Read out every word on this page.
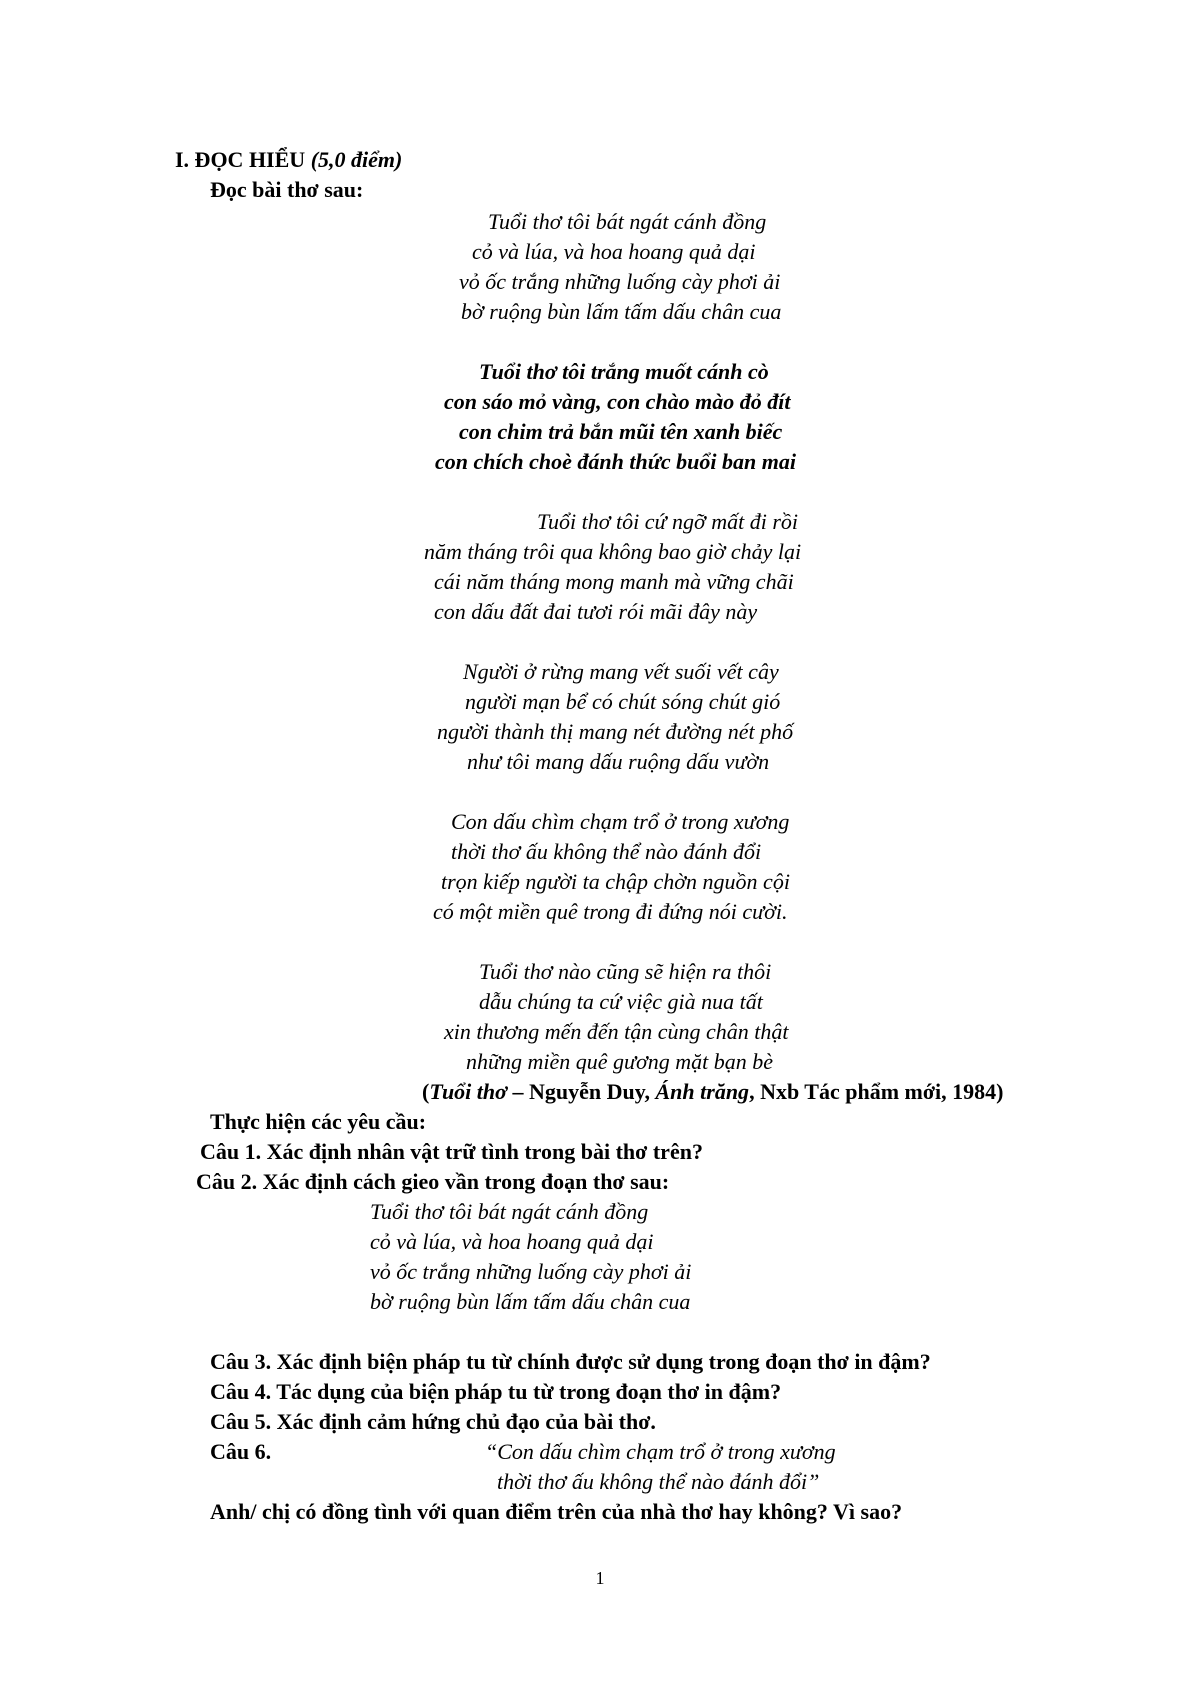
I. ĐỌC HIỂU (5,0 điểm)
Đọc bài thơ sau:
Tuổi thơ tôi bát ngát cánh đồng
cỏ và lúa, và hoa hoang quả dại
vỏ ốc trắng những luống cày phơi ải
bờ ruộng bùn lấm tấm dấu chân cua
Tuổi thơ tôi trắng muốt cánh cò
con sáo mỏ vàng, con chào mào đỏ đít
con chim trả bắn mũi tên xanh biếc
con chích choè đánh thức buổi ban mai
Tuổi thơ tôi cứ ngỡ mất đi rồi
năm tháng trôi qua không bao giờ chảy lại
cái năm tháng mong manh mà vững chãi
con dấu đất đai tươi rói mãi đây này
Người ở rừng mang vết suối vết cây
người mạn bể có chút sóng chút gió
người thành thị mang nét đường nét phố
như tôi mang dấu ruộng dấu vườn
Con dấu chìm chạm trổ ở trong xương
thời thơ ấu không thể nào đánh đổi
trọn kiếp người ta chập chờn nguồn cội
có một miền quê trong đi đứng nói cười.
Tuổi thơ nào cũng sẽ hiện ra thôi
dẫu chúng ta cứ việc già nua tất
xin thương mến đến tận cùng chân thật
những miền quê gương mặt bạn bè
(Tuổi thơ – Nguyễn Duy, Ánh trăng, Nxb Tác phẩm mới, 1984)
Thực hiện các yêu cầu:
Câu 1. Xác định nhân vật trữ tình trong bài thơ trên?
Câu 2. Xác định cách gieo vần trong đoạn thơ sau:
Tuổi thơ tôi bát ngát cánh đồng
cỏ và lúa, và hoa hoang quả dại
vỏ ốc trắng những luống cày phơi ải
bờ ruộng bùn lấm tấm dấu chân cua
Câu 3. Xác định biện pháp tu từ chính được sử dụng trong đoạn thơ in đậm?
Câu 4. Tác dụng của biện pháp tu từ trong đoạn thơ in đậm?
Câu 5. Xác định cảm hứng chủ đạo của bài thơ.
Câu 6.	“Con dấu chìm chạm trổ ở trong xương
thời thơ ấu không thể nào đánh đổi”
Anh/ chị có đồng tình với quan điểm trên của nhà thơ hay không? Vì sao?
1
